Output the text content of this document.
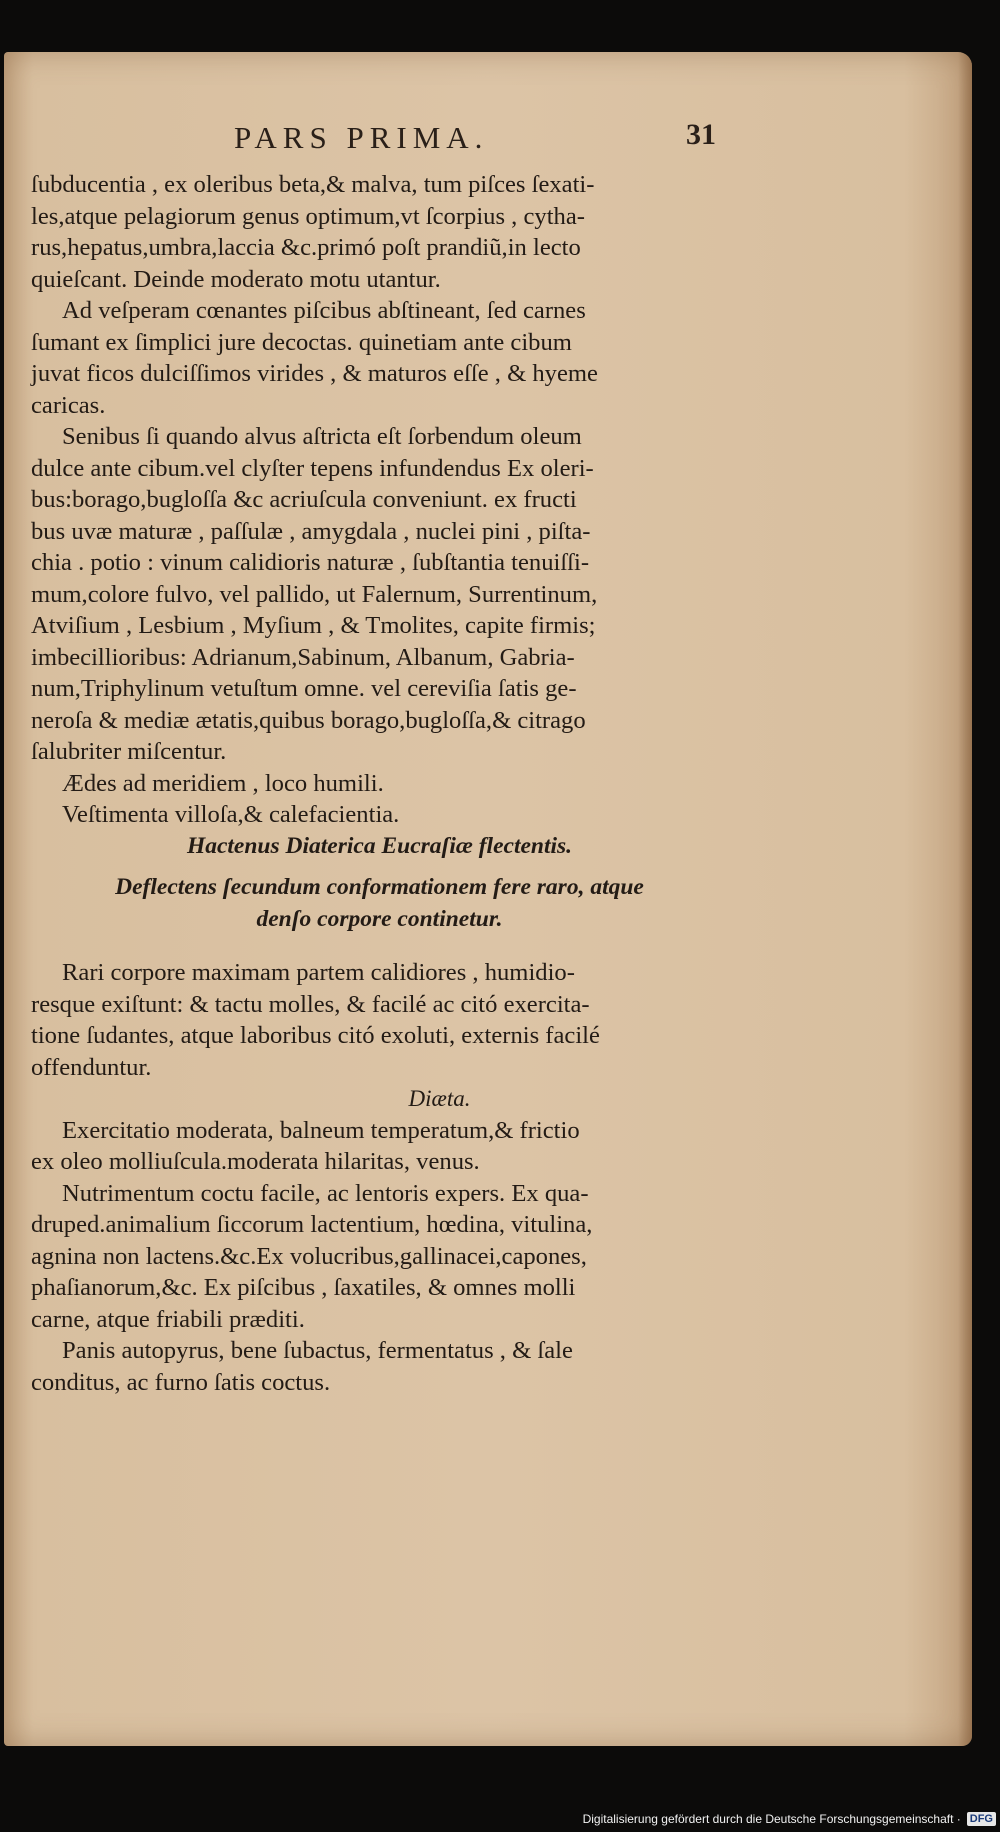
PARS PRIMA.	31
ſubducentia , ex oleribus beta,& malva, tum piſces ſexati-
les,atque pelagiorum genus optimum,vt ſcorpius , cytha-
rus,hepatus,umbra,laccia &c.primó poſt prandiũ,in lecto
quieſcant. Deinde moderato motu utantur.
Ad veſperam cœnantes piſcibus abſtineant, ſed carnes
ſumant ex ſimplici jure decoctas. quinetiam ante cibum
juvat ficos dulciſſimos virides , & maturos eſſe , & hyeme
caricas.
Senibus ſi quando alvus aſtricta eſt ſorbendum oleum
dulce ante cibum.vel clyſter tepens infundendus Ex oleri-
bus:borago,bugloſſa &c acriuſcula conveniunt. ex fructi
bus uvæ maturæ , paſſulæ , amygdala , nuclei pini , piſta-
chia . potio : vinum calidioris naturæ , ſubſtantia tenuiſſi-
mum,colore fulvo, vel pallido, ut Falernum, Surrentinum,
Atviſium , Lesbium , Myſium , & Tmolites, capite firmis;
imbecillioribus: Adrianum,Sabinum, Albanum, Gabria-
num,Triphylinum vetuſtum omne. vel cereviſia ſatis ge-
neroſa & mediæ ætatis,quibus borago,bugloſſa,& citrago
ſalubriter miſcentur.
Ædes ad meridiem , loco humili.
Veſtimenta villoſa,& calefacientia.
Hactenus Diaterica Eucraſiæ flectentis.
Deflectens ſecundum conformationem fere raro, atque
denſo corpore continetur.
Rari corpore maximam partem calidiores , humidio-
resque exiſtunt: & tactu molles, & facilé ac citó exercita-
tione ſudantes, atque laboribus citó exoluti, externis facilé
offenduntur.
Diæta.
Exercitatio moderata, balneum temperatum,& frictio
ex oleo molliuſcula.moderata hilaritas, venus.
Nutrimentum coctu facile, ac lentoris expers. Ex qua-
druped.animalium ſiccorum lactentium, hœdina, vitulina,
agnina non lactens.&c.Ex volucribus,gallinacei,capones,
phaſianorum,&c. Ex piſcibus , ſaxatiles, & omnes molli
carne, atque friabili præditi.
Panis autopyrus, bene ſubactus, fermentatus , & ſale
conditus, ac furno ſatis coctus.
Digitalisierung gefördert durch die Deutsche Forschungsgemeinschaft · DFG
